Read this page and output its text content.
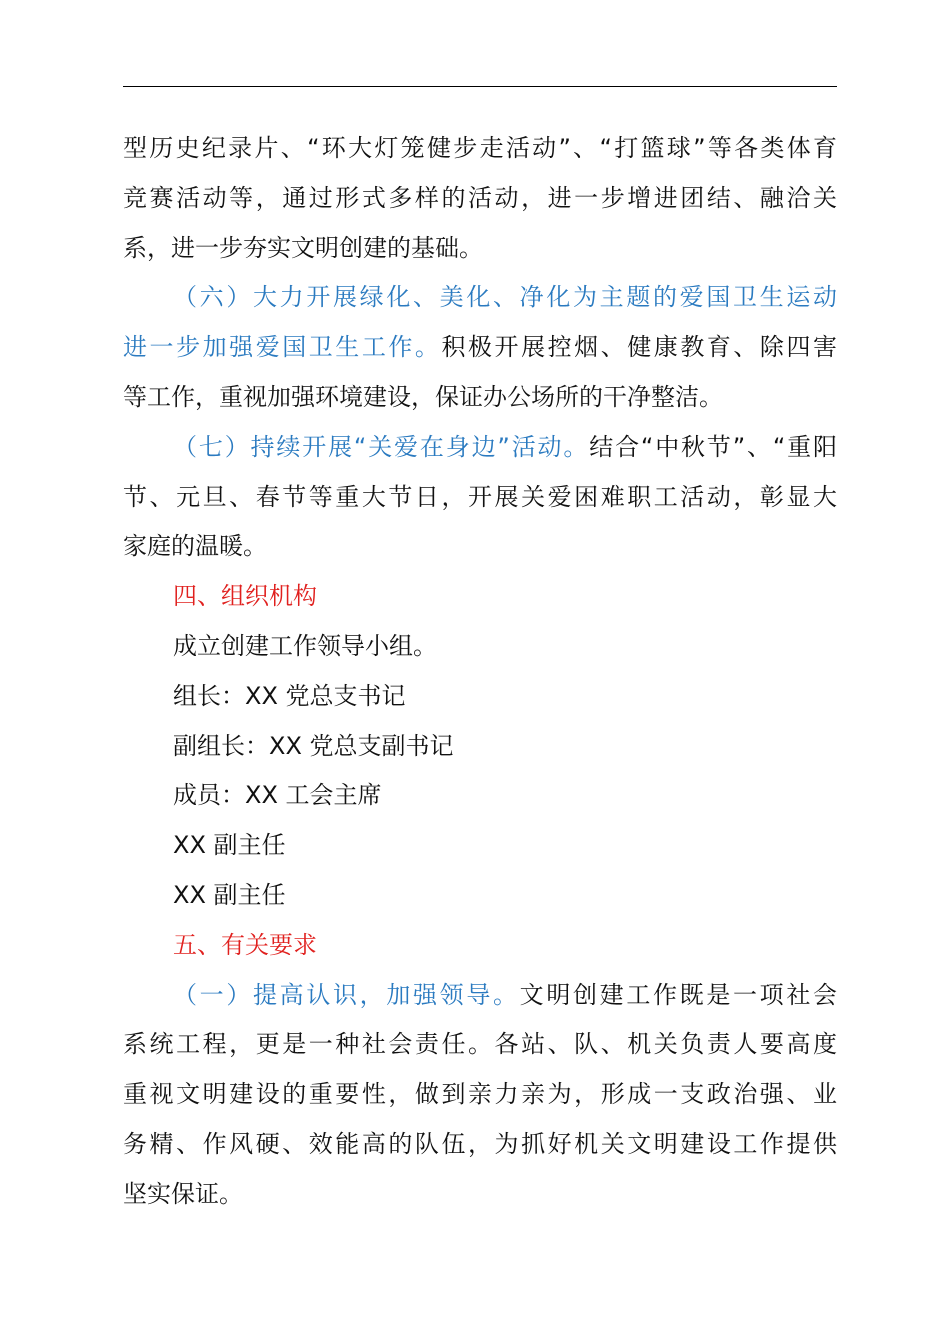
型历史纪录片、“环大灯笼健步走活动”、“打篮球”等各类体育
竞赛活动等，通过形式多样的活动，进一步增进团结、融洽关
系，进一步夯实文明创建的基础。
（六）大力开展绿化、美化、净化为主题的爱国卫生运动
进一步加强爱国卫生工作。积极开展控烟、健康教育、除四害
等工作，重视加强环境建设，保证办公场所的干净整洁。
（七）持续开展“关爱在身边”活动。结合“中秋节”、“重阳
节、元旦、春节等重大节日，开展关爱困难职工活动，彰显大
家庭的温暖。
四、组织机构
成立创建工作领导小组。
组长：XX 党总支书记
副组长：XX 党总支副书记
成员：XX 工会主席
XX 副主任
XX 副主任
五、有关要求
（一）提高认识，加强领导。文明创建工作既是一项社会
系统工程，更是一种社会责任。各站、队、机关负责人要高度
重视文明建设的重要性，做到亲力亲为，形成一支政治强、业
务精、作风硬、效能高的队伍，为抓好机关文明建设工作提供
坚实保证。
